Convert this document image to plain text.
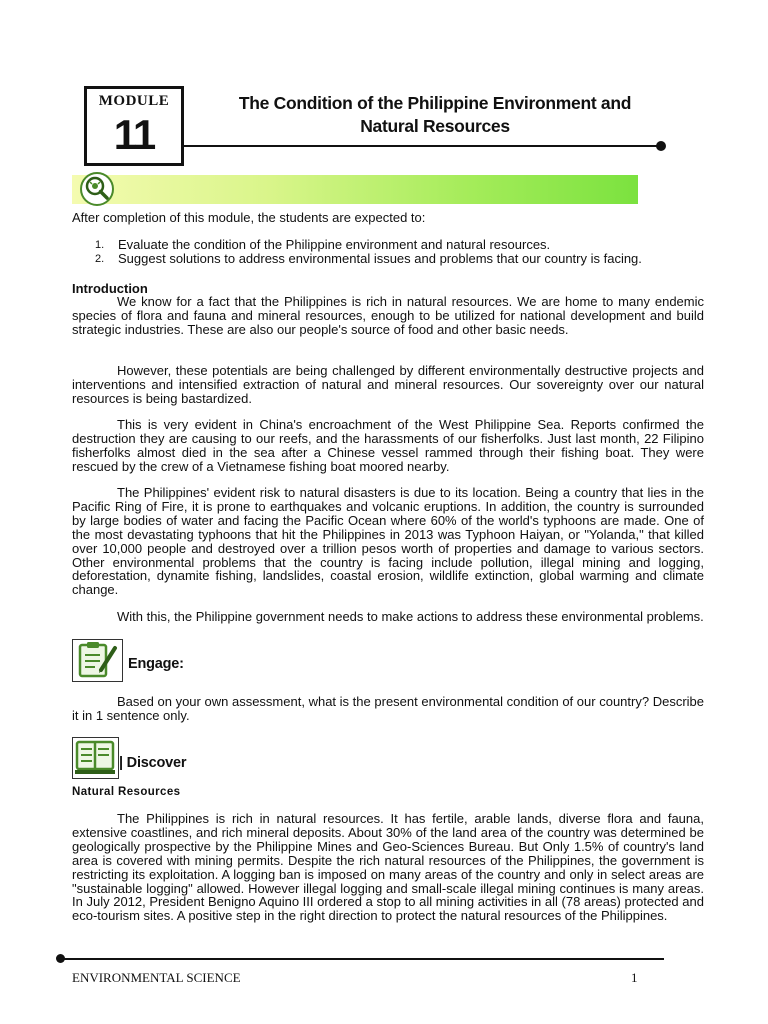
MODULE
11
The Condition of the Philippine Environment and
Natural Resources
After completion of this module, the students are expected to:
1. Evaluate the condition of the Philippine environment and natural resources.
2. Suggest solutions to address environmental issues and problems that our country is facing.
Introduction
We know for a fact that the Philippines is rich in natural resources. We are home to many endemic species of flora and fauna and mineral resources, enough to be utilized for national development and build strategic industries. These are also our people's source of food and other basic needs.
However, these potentials are being challenged by different environmentally destructive projects and interventions and intensified extraction of natural and mineral resources. Our sovereignty over our natural resources is being bastardized.
This is very evident in China's encroachment of the West Philippine Sea. Reports confirmed the destruction they are causing to our reefs, and the harassments of our fisherfolks. Just last month, 22 Filipino fisherfolks almost died in the sea after a Chinese vessel rammed through their fishing boat. They were rescued by the crew of a Vietnamese fishing boat moored nearby.
The Philippines' evident risk to natural disasters is due to its location. Being a country that lies in the Pacific Ring of Fire, it is prone to earthquakes and volcanic eruptions. In addition, the country is surrounded by large bodies of water and facing the Pacific Ocean where 60% of the world's typhoons are made. One of the most devastating typhoons that hit the Philippines in 2013 was Typhoon Haiyan, or "Yolanda," that killed over 10,000 people and destroyed over a trillion pesos worth of properties and damage to various sectors. Other environmental problems that the country is facing include pollution, illegal mining and logging, deforestation, dynamite fishing, landslides, coastal erosion, wildlife extinction, global warming and climate change.
With this, the Philippine government needs to make actions to address these environmental problems.
Engage:
Based on your own assessment, what is the present environmental condition of our country? Describe it in 1 sentence only.
| Discover
Natural Resources
The Philippines is rich in natural resources. It has fertile, arable lands, diverse flora and fauna, extensive coastlines, and rich mineral deposits. About 30% of the land area of the country was determined be geologically prospective by the Philippine Mines and Geo-Sciences Bureau. But Only 1.5% of country's land area is covered with mining permits. Despite the rich natural resources of the Philippines, the government is restricting its exploitation. A logging ban is imposed on many areas of the country and only in select areas are "sustainable logging" allowed. However illegal logging and small-scale illegal mining continues is many areas. In July 2012, President Benigno Aquino III ordered a stop to all mining activities in all (78 areas) protected and eco-tourism sites. A positive step in the right direction to protect the natural resources of the Philippines.
ENVIRONMENTAL SCIENCE	1
